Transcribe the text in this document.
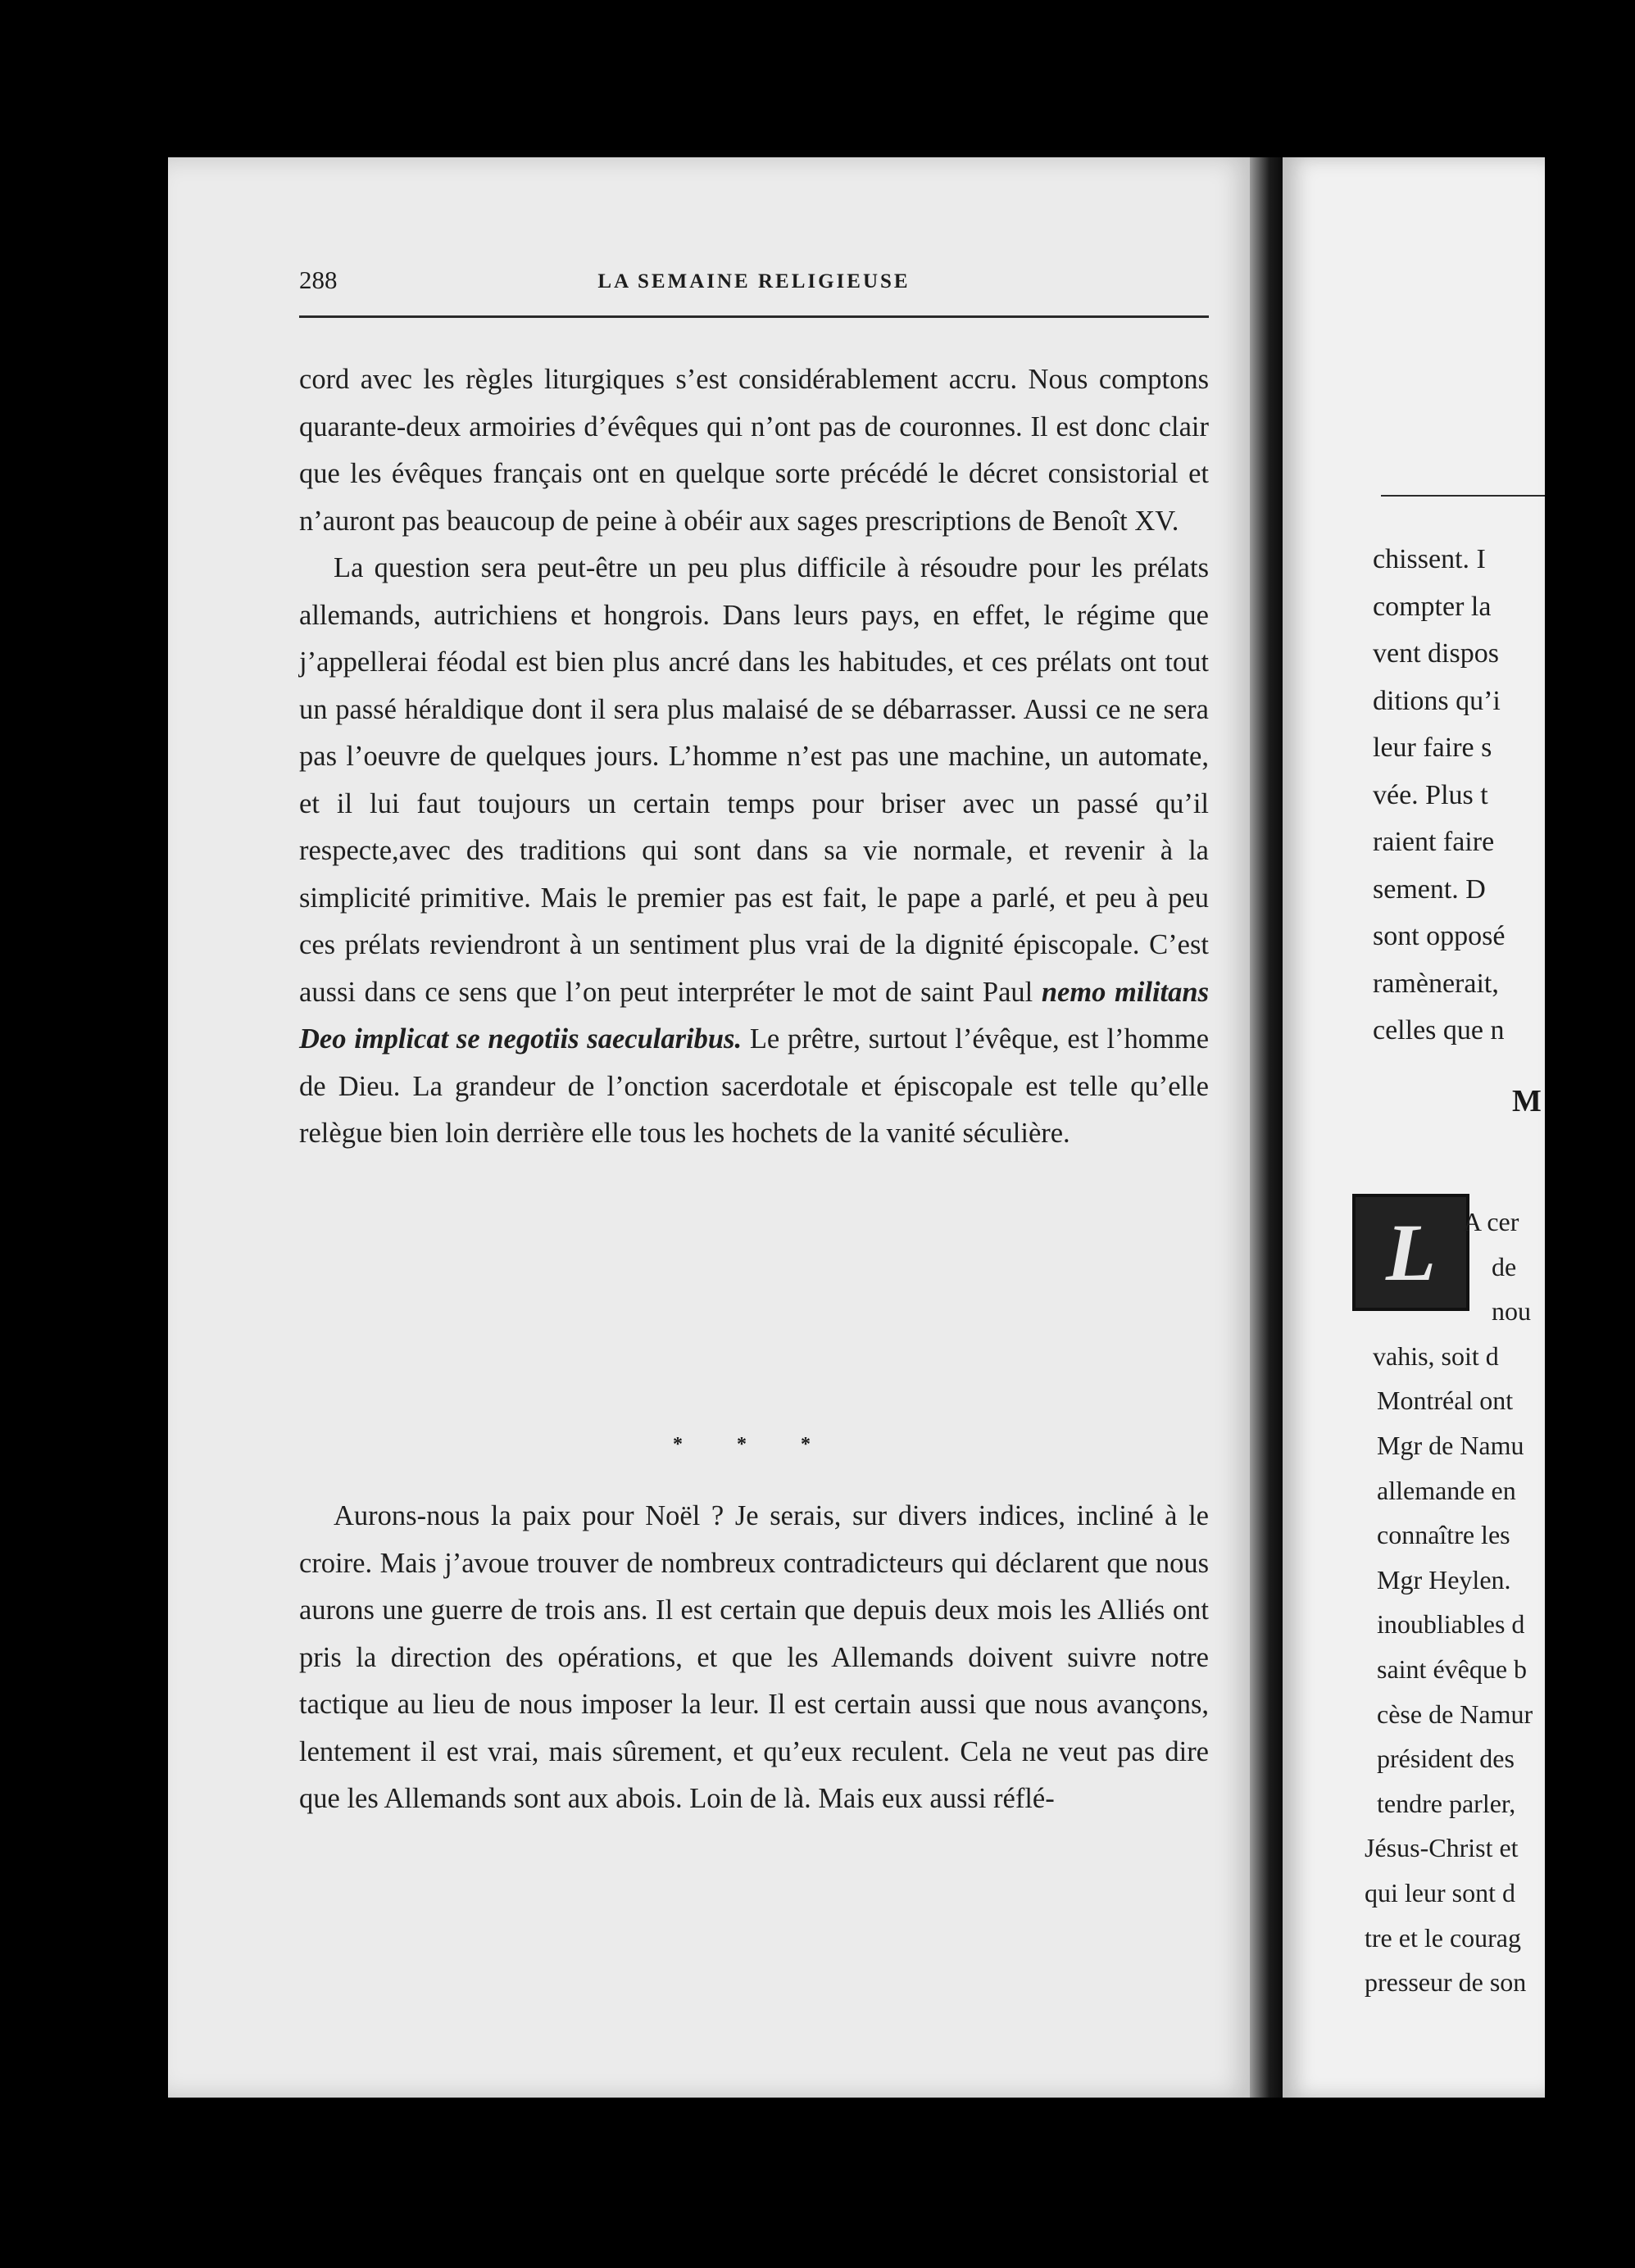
chissent. I
compter la
vent dispos
ditions qu’i
leur faire s
vée. Plus t
raient faire
sement. D
sont opposé
ramènerait,
celles que n
M
L	A cer
de
nou
vahis, soit d
Montréal ont
Mgr de Namu
allemande en
connaître les
Mgr Heylen.
inoubliables d
saint évêque b
cèse de Namur
président des
tendre parler,
Jésus-Christ et
qui leur sont d
tre et le courag
presseur de son
288	LA SEMAINE RELIGIEUSE

cord avec les règles liturgiques s’est considérablement accru. Nous comptons quarante-deux armoiries d’évêques qui n’ont pas de couronnes. Il est donc clair que les évêques français ont en quelque sorte précédé le décret consistorial et n’auront pas beaucoup de peine à obéir aux sages prescriptions de Benoît XV.

La question sera peut-être un peu plus difficile à résoudre pour les prélats allemands, autrichiens et hongrois. Dans leurs pays, en effet, le régime que j’appellerai féodal est bien plus ancré dans les habitudes, et ces prélats ont tout un passé héraldique dont il sera plus malaisé de se débarrasser. Aussi ce ne sera pas l’oeuvre de quelques jours. L’homme n’est pas une machine, un automate, et il lui faut toujours un certain temps pour briser avec un passé qu’il respecte,avec des traditions qui sont dans sa vie normale, et revenir à la simplicité primitive. Mais le premier pas est fait, le pape a parlé, et peu à peu ces prélats reviendront à un sentiment plus vrai de la dignité épiscopale. C’est aussi dans ce sens que l’on peut interpréter le mot de saint Paul nemo militans Deo implicat se negotiis saecularibus. Le prêtre, surtout l’évêque, est l’homme de Dieu. La grandeur de l’onction sacerdotale et épiscopale est telle qu’elle relègue bien loin derrière elle tous les hochets de la vanité séculière.

* * *
Aurons-nous la paix pour Noël ? Je serais, sur divers indices, incliné à le croire. Mais j’avoue trouver de nombreux contradicteurs qui déclarent que nous aurons une guerre de trois ans. Il est certain que depuis deux mois les Alliés ont pris la direction des opérations, et que les Allemands doivent suivre notre tactique au lieu de nous imposer la leur. Il est certain aussi que nous avançons, lentement il est vrai, mais sûrement, et qu’eux reculent. Cela ne veut pas dire que les Allemands sont aux abois. Loin de là. Mais eux aussi réflé-
